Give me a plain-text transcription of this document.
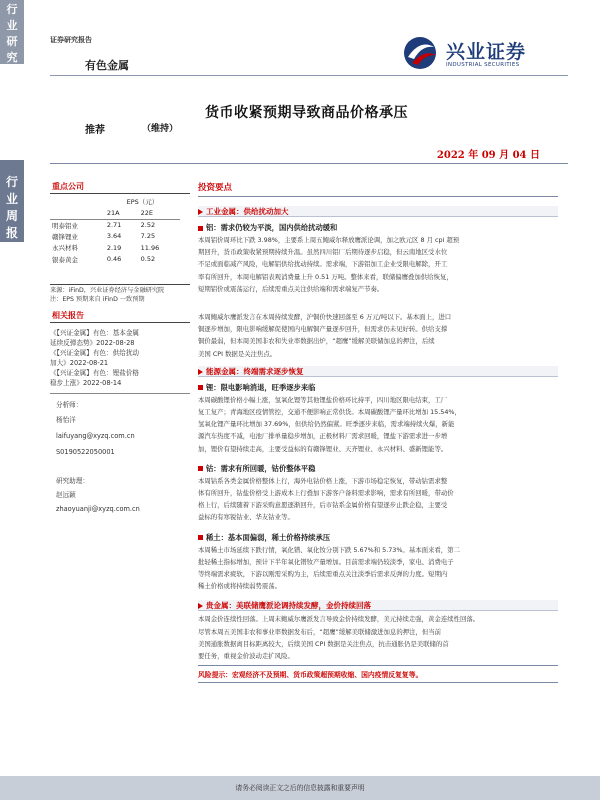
行业研究
行业周报
证券研究报告
有色金属
兴业证券
INDUSTRIAL SECURITIES
货币收紧预期导致商品价格承压
推荐	（维持）
2022 年 09 月 04 日
重点公司
	EPS（元）	
	21A	22E
明泰铝业	2.71	2.52
赣锋锂业	3.64	7.25
永兴材料	2.19	11.96
银泰黄金	0.46	0.52
来源：iFinD，兴业证券经济与金融研究院
注：EPS 预期来自 iFinD 一致预期
相关报告
《【兴证金属】有色：基本金属
延续反弹态势》2022-08-28
《【兴证金属】有色：供给扰动
加大》2022-08-21
《【兴证金属】有色：锂盐价格
稳步上涨》2022-08-14
分析师：
杨怡洋
laifuyang@xyzq.com.cn
S0190522050001
研究助理：
赵远颖
zhaoyuanji@xyzq.com.cn
投资要点
工业金属：供给扰动加大
铝：需求仍较为平淡，国内供给扰动缓和
本周铝价周环比下跌 3.98%，主要系上周五鲍威尔释放鹰派论调，加之欧元区 8 月 cpi 超预
期回升，货币政策收紧预期持续升温。虽然四川铝厂后期待逐步启稳，但云南地区受水位
不足或面临减产风险，电解铝供给扰动持续。需求端，下游铝加工企业受限电解除，开工
率有所回升，本周电解铝表观消费量上升 0.51 万吨。整体来看，联储偏鹰叠加供给恢复，
短期铝价或震荡运行，后续需重点关注供给端和需求端复产节奏。
本周鲍威尔鹰派发言在本周持续发酵，沪铜价快速回落至 6 万元/吨以下。基本面上，进口
铜逐步增加，限电影响缓解促使国内电解铜产量逐步回升，但需求仍未见好转。供给支撑
铜价最弱，但本周美国非农和失业率数据出炉，“超鹰”缓解美联储加息的押注，后续
美国 CPI 数据是关注焦点。
能源金属：终端需求逐步恢复
锂：限电影响消退，旺季逐步来临
本周碳酸锂价格小幅上涨，氢氧化锂等其他锂盐价格环比持平，四川地区限电结束，工厂
复工复产；青海地区疫情管控，交通不便影响正常供货。本周碳酸锂产量环比增加 15.54%，
氢氧化锂产量环比增加 37.69%，但供给仍然偏紧。旺季逐步来临，需求端持续火爆，新能
源汽车热度不减，电池厂排单量稳步增加，正极材料厂需求回暖，锂盐下游需求进一步增
加，锂价有望持续走高，主要受益标的有赣锋锂业、天齐锂业、永兴材料、盛新锂能等。
钴：需求有所回暖，钴价整体平稳
本周钴系各类金属价格整体上行，海外电钴价格上涨，下游市场稳定恢复，带动钴需求整
体有所回升，钴盐价格受上游成本上行叠加下游客户备料需求影响，需求有所回暖，带动价
格上行，后续随着下游采购意愿逐渐回升，后市钴系金属价格有望逐步止跌企稳，主要受
益标的有寒锐钴业、华友钴业等。
稀土：基本面偏弱，稀土价格持续承压
本周稀土市场延续下跌行情，氧化镨、氧化钕分别下跌 5.67%和 5.73%。基本面来看，第二
批轻稀土指标增加，预计下半年氧化镨钕产量增加。目前需求端仍较淡季，家电、消费电子
等终端需求疲软，下游以刚需采购为主，后续需重点关注淡季后需求反弹的力度。短期内
稀土价格或将持续弱势震荡。
贵金属：美联储鹰派论调持续发酵，金价持续回落
本周金价连续性回落。上周末鲍威尔鹰派发言导致金价持续发酵，美元持续走强，黄金连续性回落。
尽管本周五美国非农和事业率数据发布后，“超鹰”缓解美联储激进加息的押注，但当前
美国通胀数据离目标距离较大，后续美国 CPI 数据是关注焦点，抗击通胀仍是美联储的首
要任务，重视金价波动走扩风险。
风险提示：宏观经济不及预期、货币政策超预期收缩、国内疫情反复复等。
请务必阅读正文之后的信息披露和重要声明
